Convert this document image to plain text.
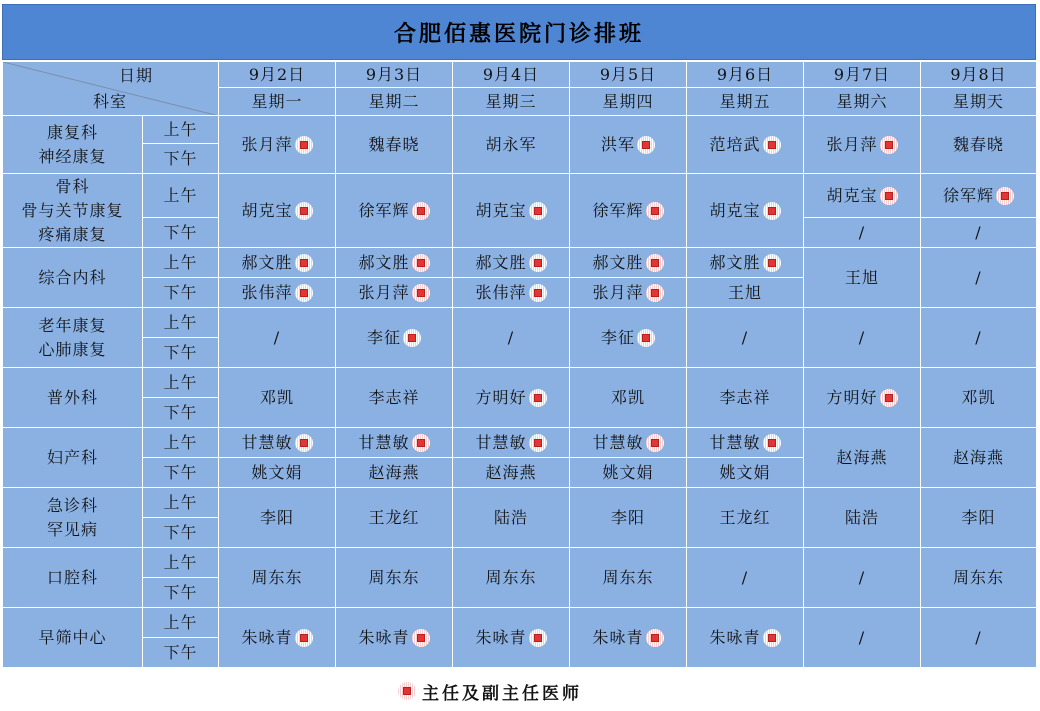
合肥佰惠医院门诊排班
日期
科室		9月2日	9月3日	9月4日	9月5日	9月6日	9月7日	9月8日
		星期一	星期二	星期三	星期四	星期五	星期六	星期天

康复科
神经康复	上午	张月萍	魏春晓	胡永军	洪军	范培武	张月萍	魏春晓
	下午							

骨科
骨与关节康复
疼痛康复	上午	胡克宝	徐军辉	胡克宝	徐军辉	胡克宝	胡克宝	徐军辉
	下午						/	/

综合内科	上午	郝文胜	郝文胜	郝文胜	郝文胜	郝文胜	王旭	/
	下午	张伟萍	张月萍	张伟萍	张月萍	王旭		

老年康复
心肺康复	上午	/	李征	/	李征	/	/	/
	下午							

普外科	上午	邓凯	李志祥	方明好	邓凯	李志祥	方明好	邓凯
	下午							

妇产科	上午	甘慧敏	甘慧敏	甘慧敏	甘慧敏	甘慧敏	赵海燕	赵海燕
	下午	姚文娟	赵海燕	赵海燕	姚文娟	姚文娟		

急诊科
罕见病	上午	李阳	王龙红	陆浩	李阳	王龙红	陆浩	李阳
	下午							

口腔科	上午	周东东	周东东	周东东	周东东	/	/	周东东
	下午							

早筛中心	上午	朱咏青	朱咏青	朱咏青	朱咏青	朱咏青	/	/
	下午							
主任及副主任医师
